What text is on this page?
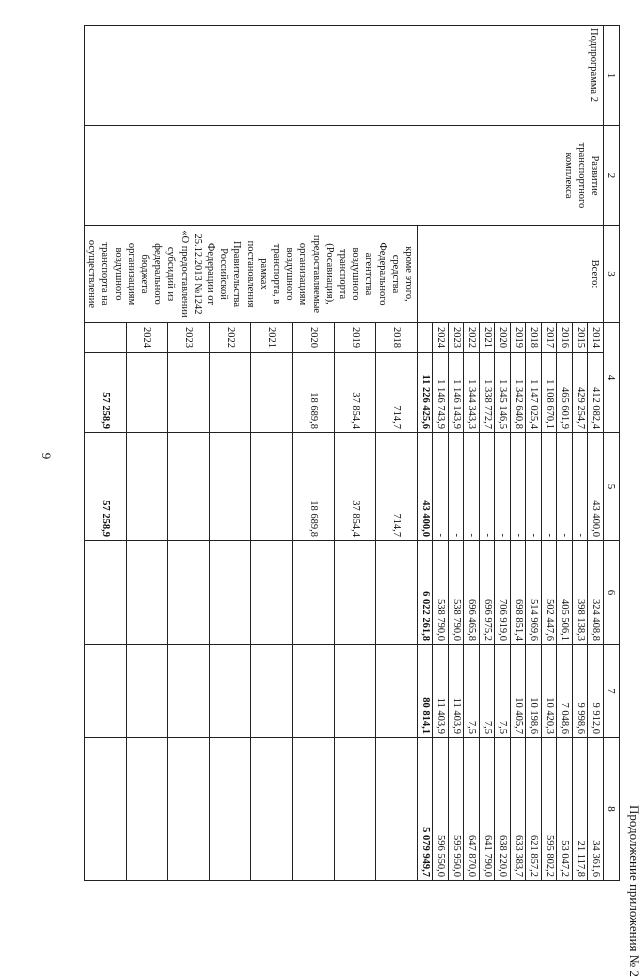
6
Продолжение приложения № 2
1	2	3	4		5	6	7	8
Подпрограмма 2	Развитие транспортного комплекса	Всего:	2014	412 082,4	43 400,0	324 408,8	9 912,0	34 361,6
			2015	429 254,7	-	398 138,3	9 998,6	21 117,8
			2016	465 601,9	-	405 506,1	7 048,6	53 047,2
			2017	1 108 670,1	-	502 447,6	10 420,3	595 802,2
			2018	1 147 025,4	-	514 969,6	10 198,6	621 857,2
			2019	1 342 640,8	-	698 851,4	10 405,7	633 383,7
			2020	1 345 146,5	-	706 919,0	7,5	638 220,0
			2021	1 338 772,7	-	696 975,2	7,5	641 790,0
			2022	1 344 343,3	-	696 465,8	7,5	647 870,0
			2023	1 146 143,9	-	538 790,0	11 403,9	595 950,0
			2024	1 146 743,9	-	538 790,0	11 403,9	596 550,0
				11 226 425,6	43 400,0	6 022 261,8	80 814,1	5 079 949,7
		кроме этого, средства Федерального агентства воздушного транспорта (Росавиация), предоставляемые организациям воздушного транспорта, в рамках постановления Правительства Российской Федерации от 25.12.2013 №1242 «О предоставлении субсидий из федерального бюджета организациям воздушного транспорта на осуществление	2018	714,7	714,7			
			2019	37 854,4	37 854,4			
			2020	18 689,8	18 689,8			
			2021					
			2022					
			2023					
			2024					
				57 258,9	57 258,9			
